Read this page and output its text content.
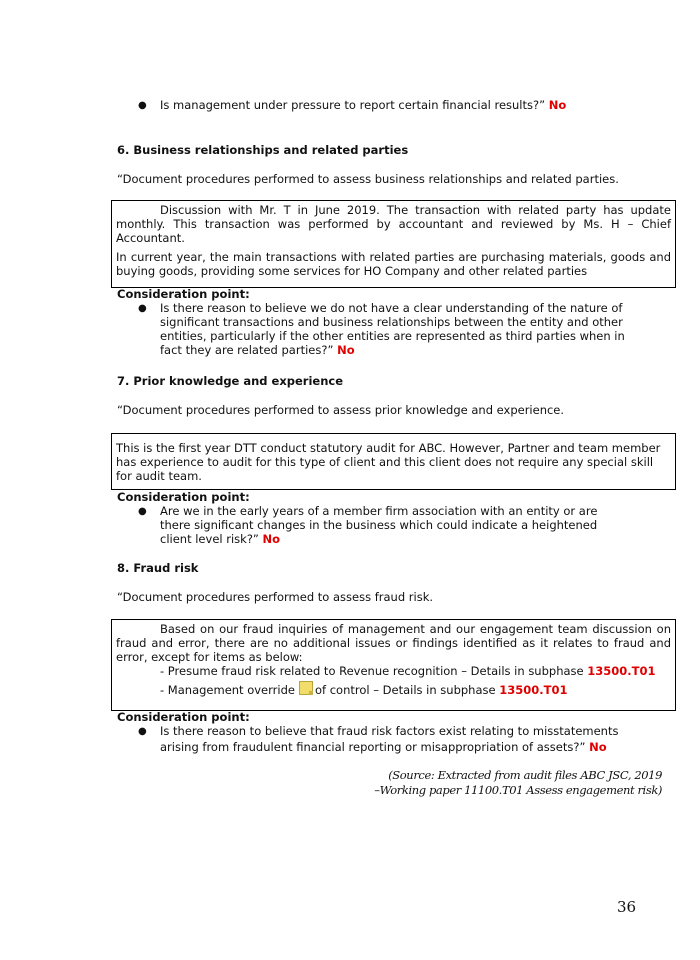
● Is management under pressure to report certain financial results?” No
6. Business relationships and related parties
“Document procedures performed to assess business relationships and related parties.

Discussion with Mr. T in June 2019. The transaction with related party has update monthly. This transaction was performed by accountant and reviewed by Ms. H – Chief Accountant.

In current year, the main transactions with related parties are purchasing materials, goods and buying goods, providing some services for HO Company and other related parties

Consideration point:
● Is there reason to believe we do not have a clear understanding of the nature of significant transactions and business relationships between the entity and other entities, particularly if the other entities are represented as third parties when in fact they are related parties?” No
7. Prior knowledge and experience
“Document procedures performed to assess prior knowledge and experience.

This is the first year DTT conduct statutory audit for ABC. However, Partner and team member has experience to audit for this type of client and this client does not require any special skill for audit team.

Consideration point:
● Are we in the early years of a member firm association with an entity or are there significant changes in the business which could indicate a heightened client level risk?” No
8. Fraud risk
“Document procedures performed to assess fraud risk.

Based on our fraud inquiries of management and our engagement team discussion on fraud and error, there are no additional issues or findings identified as it relates to fraud and error, except for items as below:

- Presume fraud risk related to Revenue recognition – Details in subphase 13500.T01

- Management override of control – Details in subphase 13500.T01

Consideration point:
● Is there reason to believe that fraud risk factors exist relating to misstatements
arising from fraudulent financial reporting or misappropriation of assets?” No
(Source: Extracted from audit files ABC JSC, 2019
–Working paper 11100.T01 Assess engagement risk)
36
